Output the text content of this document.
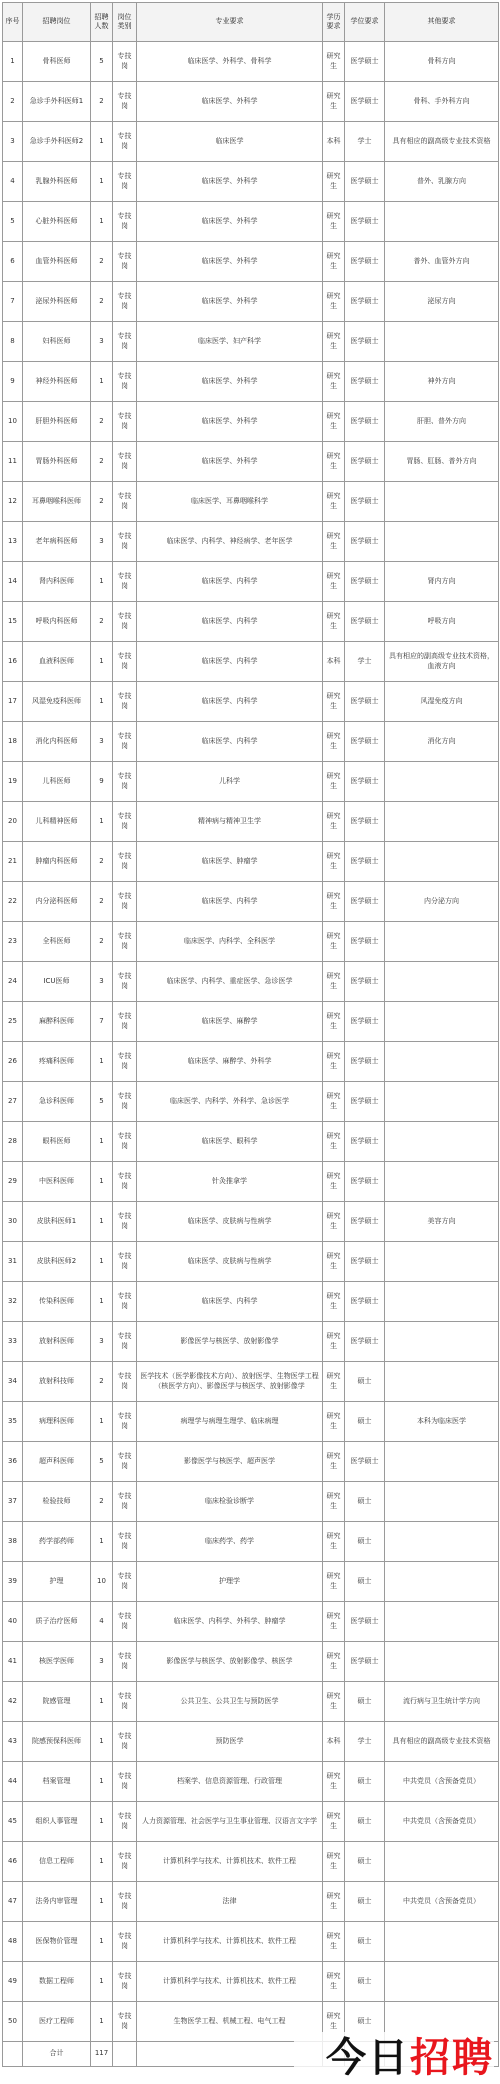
序号	招聘岗位	招聘人数	岗位类别	专业要求	学历要求	学位要求	其他要求
1	骨科医师	5	专技岗	临床医学、外科学、骨科学	研究生	医学硕士	骨科方向
2	急诊手外科医师1	2	专技岗	临床医学、外科学	研究生	医学硕士	骨科、手外科方向
3	急诊手外科医师2	1	专技岗	临床医学	本科	学士	具有相应的副高级专业技术资格
4	乳腺外科医师	1	专技岗	临床医学、外科学	研究生	医学硕士	普外、乳腺方向
5	心脏外科医师	1	专技岗	临床医学、外科学	研究生	医学硕士	
6	血管外科医师	2	专技岗	临床医学、外科学	研究生	医学硕士	普外、血管外方向
7	泌尿外科医师	2	专技岗	临床医学、外科学	研究生	医学硕士	泌尿方向
8	妇科医师	3	专技岗	临床医学、妇产科学	研究生	医学硕士	
9	神经外科医师	1	专技岗	临床医学、外科学	研究生	医学硕士	神外方向
10	肝胆外科医师	2	专技岗	临床医学、外科学	研究生	医学硕士	肝胆、普外方向
11	胃肠外科医师	2	专技岗	临床医学、外科学	研究生	医学硕士	胃肠、肛肠、普外方向
12	耳鼻咽喉科医师	2	专技岗	临床医学、耳鼻咽喉科学	研究生	医学硕士	
13	老年病科医师	3	专技岗	临床医学、内科学、神经病学、老年医学	研究生	医学硕士	
14	肾内科医师	1	专技岗	临床医学、内科学	研究生	医学硕士	肾内方向
15	呼吸内科医师	2	专技岗	临床医学、内科学	研究生	医学硕士	呼吸方向
16	血液科医师	1	专技岗	临床医学、内科学	本科	学士	具有相应的副高级专业技术资格，血液方向
17	风湿免疫科医师	1	专技岗	临床医学、内科学	研究生	医学硕士	风湿免疫方向
18	消化内科医师	3	专技岗	临床医学、内科学	研究生	医学硕士	消化方向
19	儿科医师	9	专技岗	儿科学	研究生	医学硕士	
20	儿科精神医师	1	专技岗	精神病与精神卫生学	研究生	医学硕士	
21	肿瘤内科医师	2	专技岗	临床医学、肿瘤学	研究生	医学硕士	
22	内分泌科医师	2	专技岗	临床医学、内科学	研究生	医学硕士	内分泌方向
23	全科医师	2	专技岗	临床医学、内科学、全科医学	研究生	医学硕士	
24	ICU医师	3	专技岗	临床医学、内科学、重症医学、急诊医学	研究生	医学硕士	
25	麻醉科医师	7	专技岗	临床医学、麻醉学	研究生	医学硕士	
26	疼痛科医师	1	专技岗	临床医学、麻醉学、外科学	研究生	医学硕士	
27	急诊科医师	5	专技岗	临床医学、内科学、外科学、急诊医学	研究生	医学硕士	
28	眼科医师	1	专技岗	临床医学、眼科学	研究生	医学硕士	
29	中医科医师	1	专技岗	针灸推拿学	研究生	医学硕士	
30	皮肤科医师1	1	专技岗	临床医学、皮肤病与性病学	研究生	医学硕士	美容方向
31	皮肤科医师2	1	专技岗	临床医学、皮肤病与性病学	研究生	医学硕士	
32	传染科医师	1	专技岗	临床医学、内科学	研究生	医学硕士	
33	放射科医师	3	专技岗	影像医学与核医学、放射影像学	研究生	医学硕士	
34	放射科技师	2	专技岗	医学技术（医学影像技术方向）、放射医学、生物医学工程（核医学方向）、影像医学与核医学、放射影像学	研究生	硕士	
35	病理科医师	1	专技岗	病理学与病理生理学、临床病理	研究生	硕士	本科为临床医学
36	超声科医师	5	专技岗	影像医学与核医学、超声医学	研究生	医学硕士	
37	检验技师	2	专技岗	临床检验诊断学	研究生	硕士	
38	药学部药师	1	专技岗	临床药学、药学	研究生	硕士	
39	护理	10	专技岗	护理学	研究生	硕士	
40	质子治疗医师	4	专技岗	临床医学、内科学、外科学、肿瘤学	研究生	医学硕士	
41	核医学医师	3	专技岗	影像医学与核医学、放射影像学、核医学	研究生	医学硕士	
42	院感管理	1	专技岗	公共卫生、公共卫生与预防医学	研究生	硕士	流行病与卫生统计学方向
43	院感预保科医师	1	专技岗	预防医学	本科	学士	具有相应的副高级专业技术资格
44	档案管理	1	专技岗	档案学、信息资源管理、行政管理	研究生	硕士	中共党员（含预备党员）
45	组织人事管理	1	专技岗	人力资源管理、社会医学与卫生事业管理、汉语言文字学	研究生	硕士	中共党员（含预备党员）
46	信息工程师	1	专技岗	计算机科学与技术、计算机技术、软件工程	研究生	硕士	
47	法务内审管理	1	专技岗	法律	研究生	硕士	中共党员（含预备党员）
48	医保物价管理	1	专技岗	计算机科学与技术、计算机技术、软件工程	研究生	硕士	
49	数据工程师	1	专技岗	计算机科学与技术、计算机技术、软件工程	研究生	硕士	
50	医疗工程师	1	专技岗	生物医学工程、机械工程、电气工程	研究生	硕士	
	合计	117						今日招聘
